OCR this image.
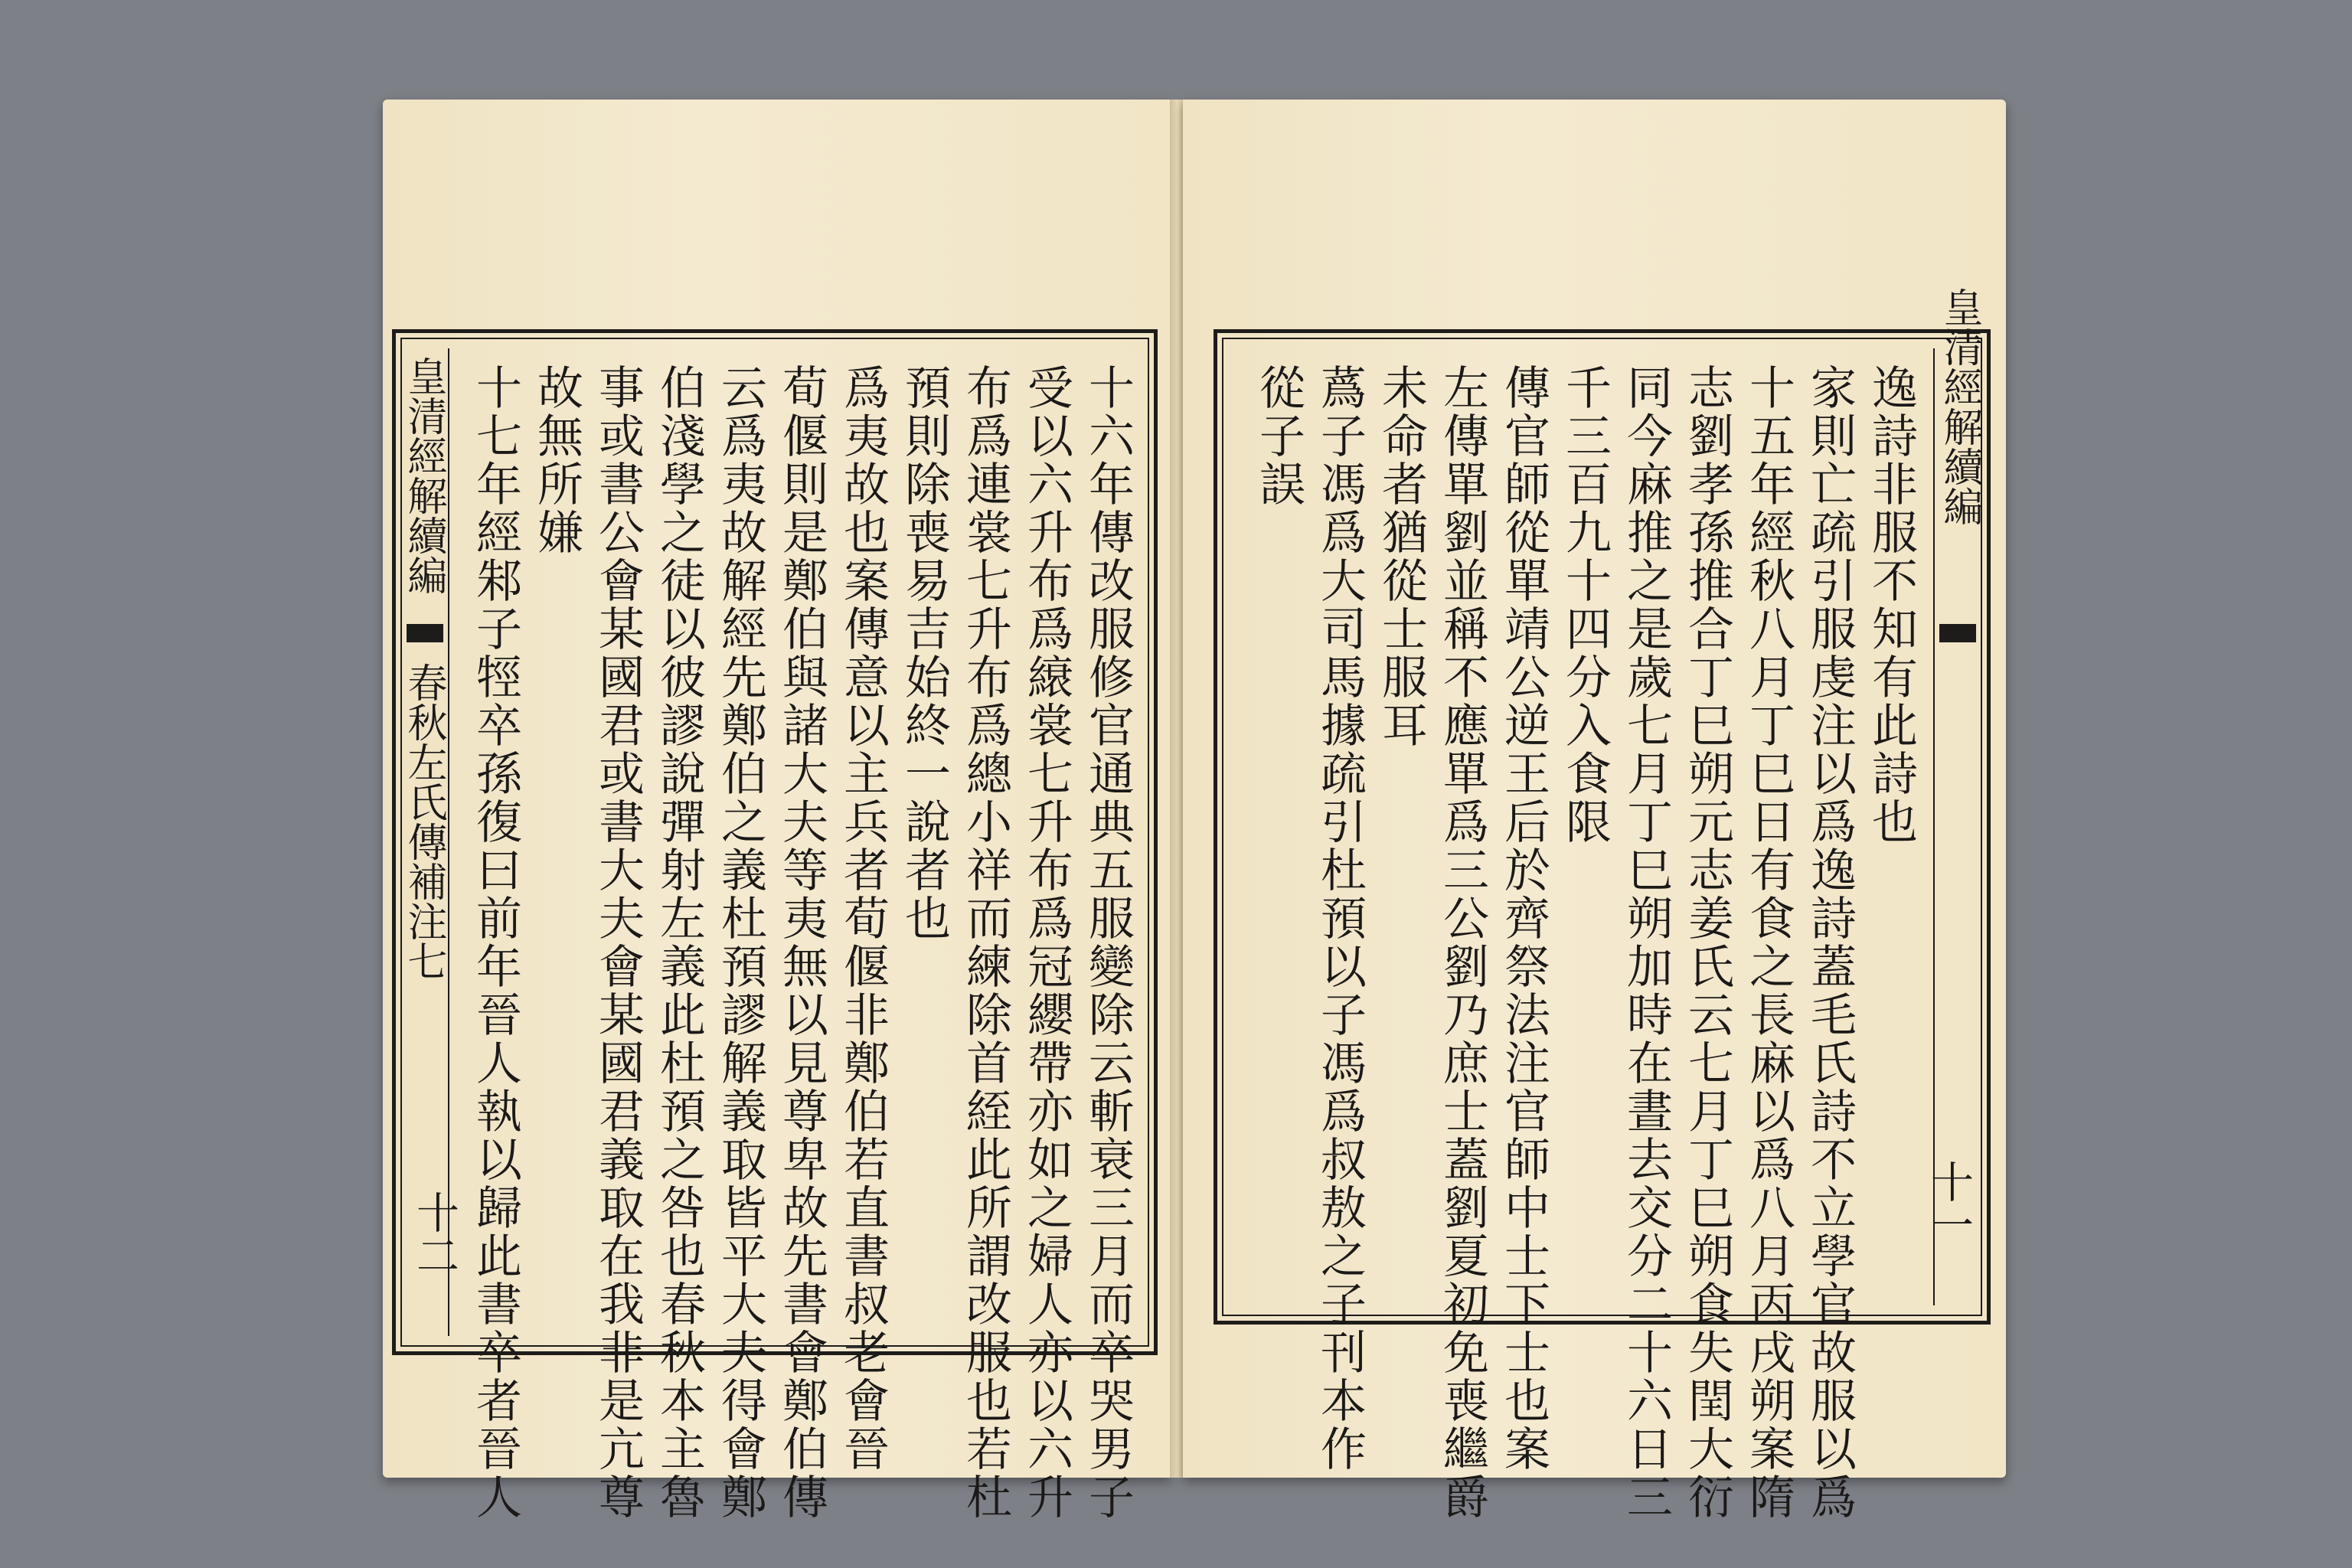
皇清經解續編
春秋左氏傳補注七
十二	十六年傳改服修官通典五服變除云斬衰三月而卒哭男子
受以六升布爲縗裳七升布爲冠纓帶亦如之婦人亦以六升
布爲連裳七升布爲總小祥而練除首絰此所謂改服也若杜
預則除喪易吉始終一說者也
爲夷故也案傳意以主兵者荀偃非鄭伯若直書叔老會晉
荀偃則是鄭伯與諸大夫等夷無以見尊卑故先書會鄭伯傳
云爲夷故解經先鄭伯之義杜預謬解義取皆平大夫得會鄭
伯淺學之徒以彼謬說彈射左義此杜預之咎也春秋本主魯
事或書公會某國君或書大夫會某國君義取在我非是亢尊
故無所嫌
十七年經邾子牼卒孫復曰前年晉人執以歸此書卒者晉人	皇清經解續編
十一
逸詩非服不知有此詩也
家則亡疏引服虔注以爲逸詩蓋毛氏詩不立學官故服以爲
十五年經秋八月丁巳日有食之長麻以爲八月丙戌朔案隋
志劉孝孫推合丁巳朔元志姜氏云七月丁巳朔食失閏大衍
同今麻推之是歲七月丁巳朔加時在晝去交分二十六日三
千三百九十四分入食限
傳官師從單靖公逆王后於齊祭法注官師中士下士也案
左傳單劉並稱不應單爲三公劉乃庶士蓋劉夏初免喪繼爵
未命者猶從士服耳
蔿子馮爲大司馬據疏引杜預以子馮爲叔敖之子刊本作
從子誤
